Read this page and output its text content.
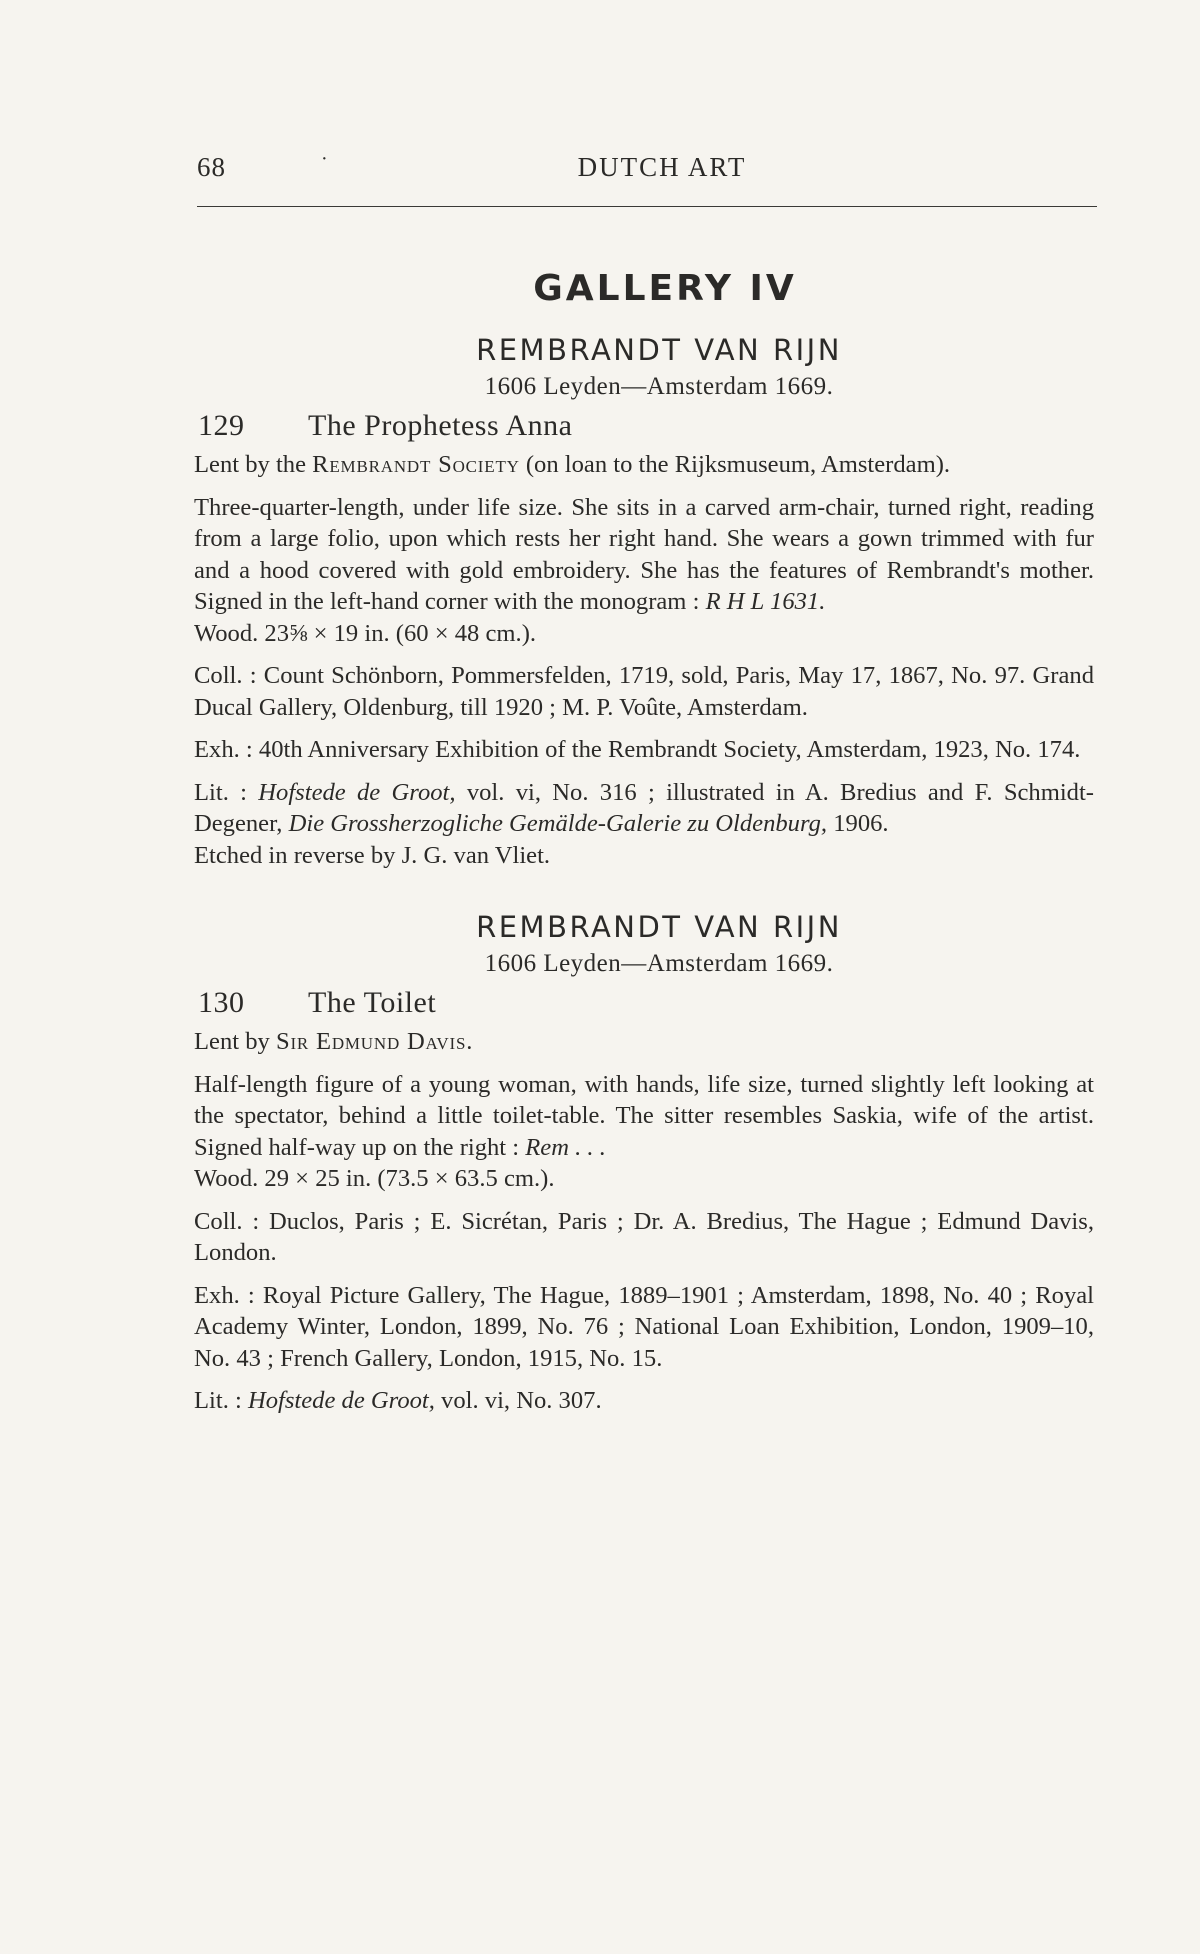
68	·	DUTCH ART
GALLERY IV
REMBRANDT VAN RIJN
1606 Leyden—Amsterdam 1669.
129 The Prophetess Anna

Lent by the Rembrandt Society (on loan to the Rijksmuseum, Amsterdam).

Three-quarter-length, under life size. She sits in a carved arm-chair, turned right, reading from a large folio, upon which rests her right hand. She wears a gown trimmed with fur and a hood covered with gold embroidery. She has the features of Rembrandt's mother. Signed in the left-hand corner with the monogram : R H L 1631.

Wood. 23⅝ × 19 in. (60 × 48 cm.).

Coll. : Count Schönborn, Pommersfelden, 1719, sold, Paris, May 17, 1867, No. 97. Grand Ducal Gallery, Oldenburg, till 1920 ; M. P. Voûte, Amsterdam.

Exh. : 40th Anniversary Exhibition of the Rembrandt Society, Amsterdam, 1923, No. 174.

Lit. : Hofstede de Groot, vol. vi, No. 316 ; illustrated in A. Bredius and F. Schmidt-Degener, Die Grossherzogliche Gemälde-Galerie zu Oldenburg, 1906.

Etched in reverse by J. G. van Vliet.

REMBRANDT VAN RIJN
1606 Leyden—Amsterdam 1669.
130 The Toilet

Lent by Sir Edmund Davis.

Half-length figure of a young woman, with hands, life size, turned slightly left looking at the spectator, behind a little toilet-table. The sitter resembles Saskia, wife of the artist. Signed half-way up on the right : Rem . . .

Wood. 29 × 25 in. (73.5 × 63.5 cm.).

Coll. : Duclos, Paris ; E. Sicrétan, Paris ; Dr. A. Bredius, The Hague ; Edmund Davis, London.

Exh. : Royal Picture Gallery, The Hague, 1889–1901 ; Amsterdam, 1898, No. 40 ; Royal Academy Winter, London, 1899, No. 76 ; National Loan Exhibition, London, 1909–10, No. 43 ; French Gallery, London, 1915, No. 15.

Lit. : Hofstede de Groot, vol. vi, No. 307.
